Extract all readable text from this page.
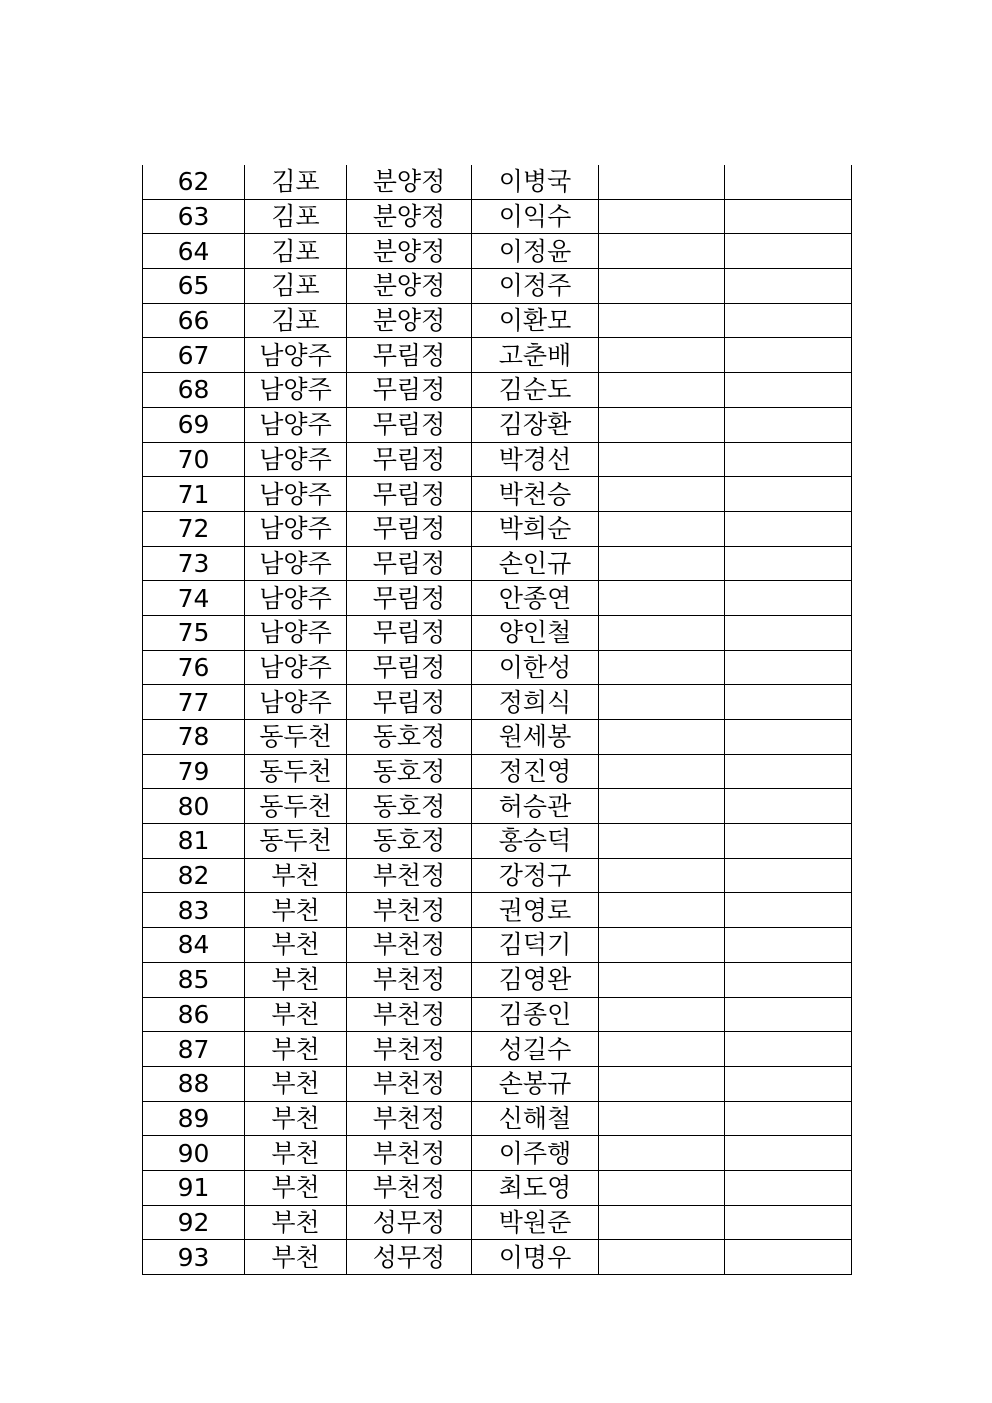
62	김포	분양정	이병국		
63	김포	분양정	이익수		
64	김포	분양정	이정윤		
65	김포	분양정	이정주		
66	김포	분양정	이환모		
67	남양주	무림정	고춘배		
68	남양주	무림정	김순도		
69	남양주	무림정	김장환		
70	남양주	무림정	박경선		
71	남양주	무림정	박천승		
72	남양주	무림정	박희순		
73	남양주	무림정	손인규		
74	남양주	무림정	안종연		
75	남양주	무림정	양인철		
76	남양주	무림정	이한성		
77	남양주	무림정	정희식		
78	동두천	동호정	원세봉		
79	동두천	동호정	정진영		
80	동두천	동호정	허승관		
81	동두천	동호정	홍승덕		
82	부천	부천정	강정구		
83	부천	부천정	권영로		
84	부천	부천정	김덕기		
85	부천	부천정	김영완		
86	부천	부천정	김종인		
87	부천	부천정	성길수		
88	부천	부천정	손봉규		
89	부천	부천정	신해철		
90	부천	부천정	이주행		
91	부천	부천정	최도영		
92	부천	성무정	박원준		
93	부천	성무정	이명우		
